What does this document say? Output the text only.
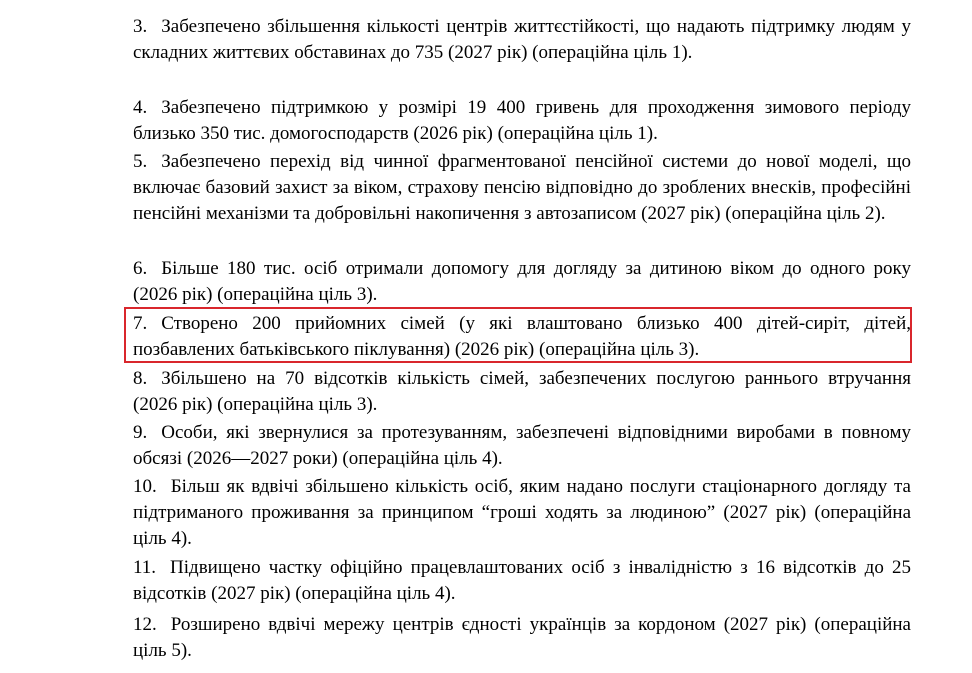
3. Забезпечено збільшення кількості центрів життєстійкості, що надають підтримку людям у складних життєвих обставинах до 735 (2027 рік) (операційна ціль 1).

4. Забезпечено підтримкою у розмірі 19 400 гривень для проходження зимового періоду близько 350 тис. домогосподарств (2026 рік) (операційна ціль 1).

5. Забезпечено перехід від чинної фрагментованої пенсійної системи до нової моделі, що включає базовий захист за віком, страхову пенсію відповідно до зроблених внесків, професійні пенсійні механізми та добровільні накопичення з автозаписом (2027 рік) (операційна ціль 2).

6. Більше 180 тис. осіб отримали допомогу для догляду за дитиною віком до одного року (2026 рік) (операційна ціль 3).

7. Створено 200 прийомних сімей (у які влаштовано близько 400 дітей-сиріт, дітей, позбавлених батьківського піклування) (2026 рік) (операційна ціль 3).

8. Збільшено на 70 відсотків кількість сімей, забезпечених послугою раннього втручання (2026 рік) (операційна ціль 3).

9. Особи, які звернулися за протезуванням, забезпечені відповідними виробами в повному обсязі (2026—2027 роки) (операційна ціль 4).

10. Більш як вдвічі збільшено кількість осіб, яким надано послуги стаціонарного догляду та підтриманого проживання за принципом “гроші ходять за людиною” (2027 рік) (операційна ціль 4).

11. Підвищено частку офіційно працевлаштованих осіб з інвалідністю з 16 відсотків до 25 відсотків (2027 рік) (операційна ціль 4).

12. Розширено вдвічі мережу центрів єдності українців за кордоном (2027 рік) (операційна ціль 5).
